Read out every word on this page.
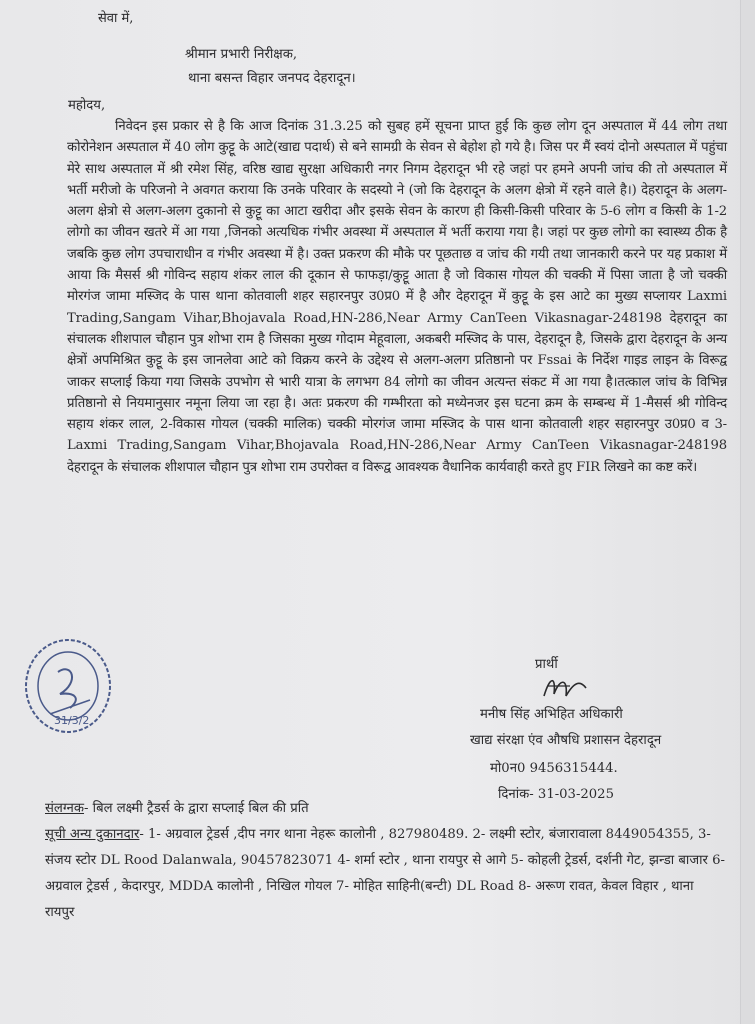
सेवा में,
श्रीमान प्रभारी निरीक्षक,
थाना बसन्त विहार जनपद देहरादून।
महोदय,
निवेदन इस प्रकार से है कि आज दिनांक 31.3.25 को सुबह हमें सूचना प्राप्त हुई कि कुछ लोग दून अस्पताल में 44 लोग तथा कोरोनेशन अस्पताल में 40 लोग कुट्टू के आटे(खाद्य पदार्थ) से बने सामग्री के सेवन से बेहोश हो गये है। जिस पर मैं स्वयं दोनो अस्पताल में पहुंचा मेरे साथ अस्पताल में श्री रमेश सिंह, वरिष्ठ खाद्य सुरक्षा अधिकारी नगर निगम देहरादून भी रहे जहां पर हमने अपनी जांच की तो अस्पताल में भर्ती मरीजो के परिजनो ने अवगत कराया कि उनके परिवार के सदस्यो ने (जो कि देहरादून के अलग क्षेत्रो में रहने वाले है।) देहरादून के अलग-अलग क्षेत्रो से अलग-अलग दुकानो से कुट्टू का आटा खरीदा और इसके सेवन के कारण ही किसी-किसी परिवार के 5-6 लोग व किसी के 1-2 लोगो का जीवन खतरे में आ गया ,जिनको अत्यधिक गंभीर अवस्था में अस्पताल में भर्ती कराया गया है। जहां पर कुछ लोगो का स्वास्थ्य ठीक है जबकि कुछ लोग उपचाराधीन व गंभीर अवस्था में है। उक्त प्रकरण की मौके पर पूछताछ व जांच की गयी तथा जानकारी करने पर यह प्रकाश में आया कि मैसर्स श्री गोविन्द सहाय शंकर लाल की दूकान से फाफड़ा/कुट्टू आता है जो विकास गोयल की चक्की में पिसा जाता है जो चक्की मोरगंज जामा मस्जिद के पास थाना कोतवाली शहर सहारनपुर उ0प्र0 में है और देहरादून में कुट्टू के इस आटे का मुख्य सप्लायर Laxmi Trading,Sangam Vihar,Bhojavala Road,HN-286,Near Army CanTeen Vikasnagar-248198 देहरादून का संचालक शीशपाल चौहान पुत्र शोभा राम है जिसका मुख्य गोदाम मेहूवाला, अकबरी मस्जिद के पास, देहरादून है, जिसके द्वारा देहरादून के अन्य क्षेत्रों अपमिश्रित कुट्टू के इस जानलेवा आटे को विक्रय करने के उद्देश्य से अलग-अलग प्रतिष्ठानो पर Fssai के निर्देश गाइड लाइन के विरूद्व जाकर सप्लाई किया गया जिसके उपभोग से भारी यात्रा के लगभग 84 लोगो का जीवन अत्यन्त संकट में आ गया है।तत्काल जांच के विभिन्न प्रतिष्ठानो से नियमानुसार नमूना लिया जा रहा है। अतः प्रकरण की गम्भीरता को मध्येनजर इस घटना क्रम के सम्बन्ध में 1-मैसर्स श्री गोविन्द सहाय शंकर लाल, 2-विकास गोयल (चक्की मालिक) चक्की मोरगंज जामा मस्जिद के पास थाना कोतवाली शहर सहारनपुर उ0प्र0 व 3-Laxmi Trading,Sangam Vihar,Bhojavala Road,HN-286,Near Army CanTeen Vikasnagar-248198 देहरादून के संचालक शीशपाल चौहान पुत्र शोभा राम उपरोक्त व विरूद्व आवश्यक वैधानिक कार्यवाही करते हुए FIR लिखने का कष्ट करें।
31/3/2
प्रार्थी
मनीष सिंह अभिहित अधिकारी
खाद्य संरक्षा एंव औषधि प्रशासन देहरादून
मो0न0 9456315444.
दिनांक- 31-03-2025
संलग्नक- बिल लक्ष्मी ट्रैडर्स के द्वारा सप्लाई बिल की प्रति
सूची अन्य दुकानदार- 1- अग्रवाल ट्रेडर्स ,दीप नगर थाना नेहरू कालोनी , 827980489. 2- लक्ष्मी स्टोर, बंजारावाला 8449054355, 3- संजय स्टोर DL Rood Dalanwala, 90457823071 4- शर्मा स्टोर , थाना रायपुर से आगे 5- कोहली ट्रेडर्स, दर्शनी गेट, झन्डा बाजार 6- अग्रवाल ट्रेडर्स , केदारपुर, MDDA कालोनी , निखिल गोयल 7- मोहित साहिनी(बन्टी) DL Road 8- अरूण रावत, केवल विहार , थाना रायपुर
